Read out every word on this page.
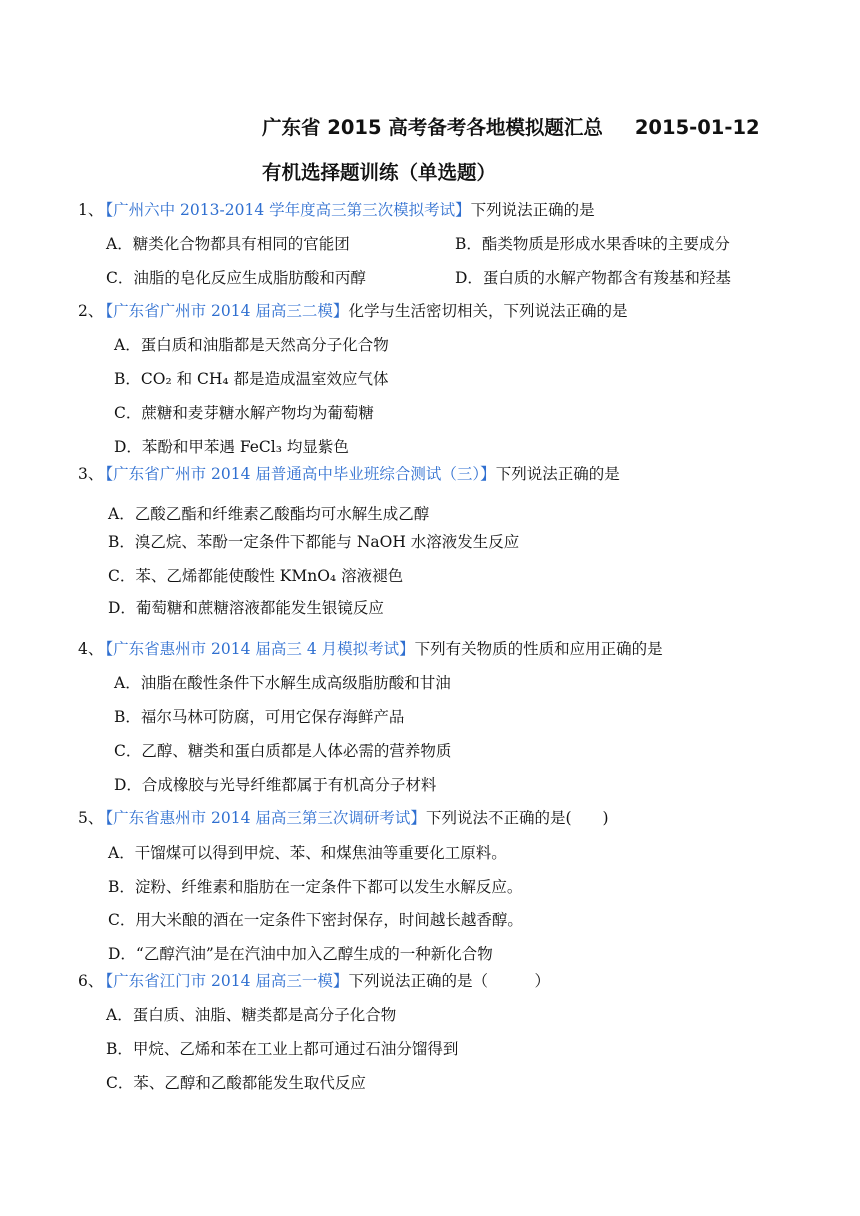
广东省 2015 高考备考各地模拟题汇总 2015-01-12
有机选择题训练（单选题）
1、 【广州六中 2013-2014 学年度高三第三次模拟考试】下列说法正确的是
A．糖类化合物都具有相同的官能团	B．酯类物质是形成水果香味的主要成分
C．油脂的皂化反应生成脂肪酸和丙醇	D．蛋白质的水解产物都含有羧基和羟基
2、 【广东省广州市 2014 届高三二模】化学与生活密切相关，下列说法正确的是
A．蛋白质和油脂都是天然高分子化合物
B．CO₂ 和 CH₄ 都是造成温室效应气体
C．蔗糖和麦芽糖水解产物均为葡萄糖
D．苯酚和甲苯遇 FeCl₃ 均显紫色
3、 【广东省广州市 2014 届普通高中毕业班综合测试（三）】下列说法正确的是
A．乙酸乙酯和纤维素乙酸酯均可水解生成乙醇
B．溴乙烷、苯酚一定条件下都能与 NaOH 水溶液发生反应
C．苯、乙烯都能使酸性 KMnO₄ 溶液褪色
D．葡萄糖和蔗糖溶液都能发生银镜反应
4、 【广东省惠州市 2014 届高三 4 月模拟考试】下列有关物质的性质和应用正确的是
A．油脂在酸性条件下水解生成高级脂肪酸和甘油
B．福尔马林可防腐，可用它保存海鲜产品
C．乙醇、糖类和蛋白质都是人体必需的营养物质
D．合成橡胶与光导纤维都属于有机高分子材料
5、 【广东省惠州市 2014 届高三第三次调研考试】下列说法不正确的是(　　)
A．干馏煤可以得到甲烷、苯、和煤焦油等重要化工原料。
B．淀粉、纤维素和脂肪在一定条件下都可以发生水解反应。
C．用大米酿的酒在一定条件下密封保存，时间越长越香醇。
D．“乙醇汽油”是在汽油中加入乙醇生成的一种新化合物
6、 【广东省江门市 2014 届高三一模】下列说法正确的是（　　　）
A．蛋白质、油脂、糖类都是高分子化合物
B．甲烷、乙烯和苯在工业上都可通过石油分馏得到
C．苯、乙醇和乙酸都能发生取代反应
